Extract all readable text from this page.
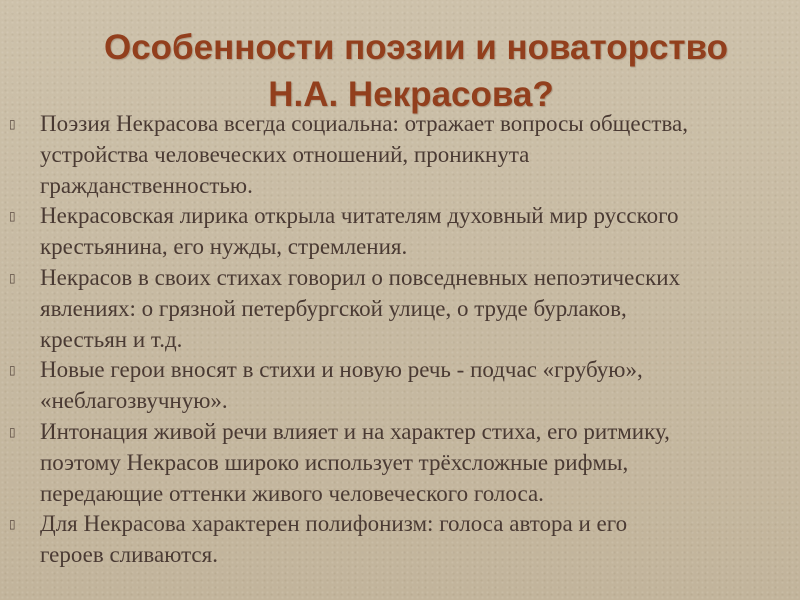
Особенности поэзии и новаторство
Н.А. Некрасова?
▯	Поэзия Некрасова всегда социальна: отражает вопросы общества,
устройства человеческих отношений, проникнута
гражданственностью.
▯	Некрасовская лирика открыла читателям духовный мир русского
крестьянина, его нужды, стремления.
▯	Некрасов в своих стихах говорил о повседневных непоэтических
явлениях: о грязной петербургской улице, о труде бурлаков,
крестьян и т.д.
▯	Новые герои вносят в стихи и новую речь - подчас «грубую»,
«неблагозвучную».
▯	Интонация живой речи влияет и на характер стиха, его ритмику,
поэтому Некрасов широко использует трёхсложные рифмы,
передающие оттенки живого человеческого голоса.
▯	Для Некрасова характерен полифонизм: голоса автора и его
героев сливаются.
